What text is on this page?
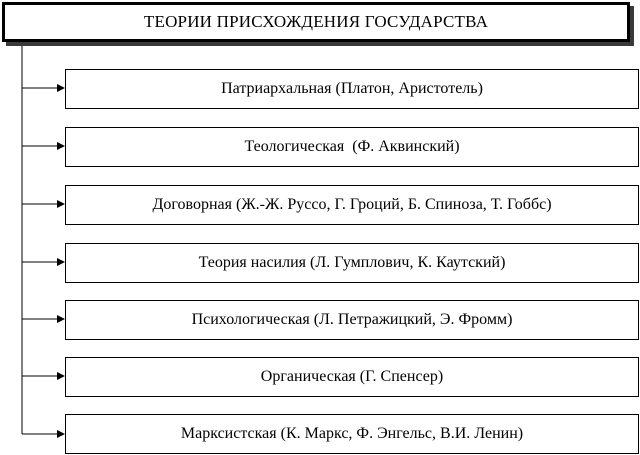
ТЕОРИИ ПРИСХОЖДЕНИЯ ГОСУДАРСТВА
Патриархальная (Платон, Аристотель)
Теологическая  (Ф. Аквинский)
Договорная (Ж.-Ж. Руссо, Г. Гроций, Б. Спиноза, Т. Гоббс)
Теория насилия (Л. Гумплович, К. Каутский)
Психологическая (Л. Петражицкий, Э. Фромм)
Органическая (Г. Спенсер)
Марксистская (К. Маркс, Ф. Энгельс, В.И. Ленин)
